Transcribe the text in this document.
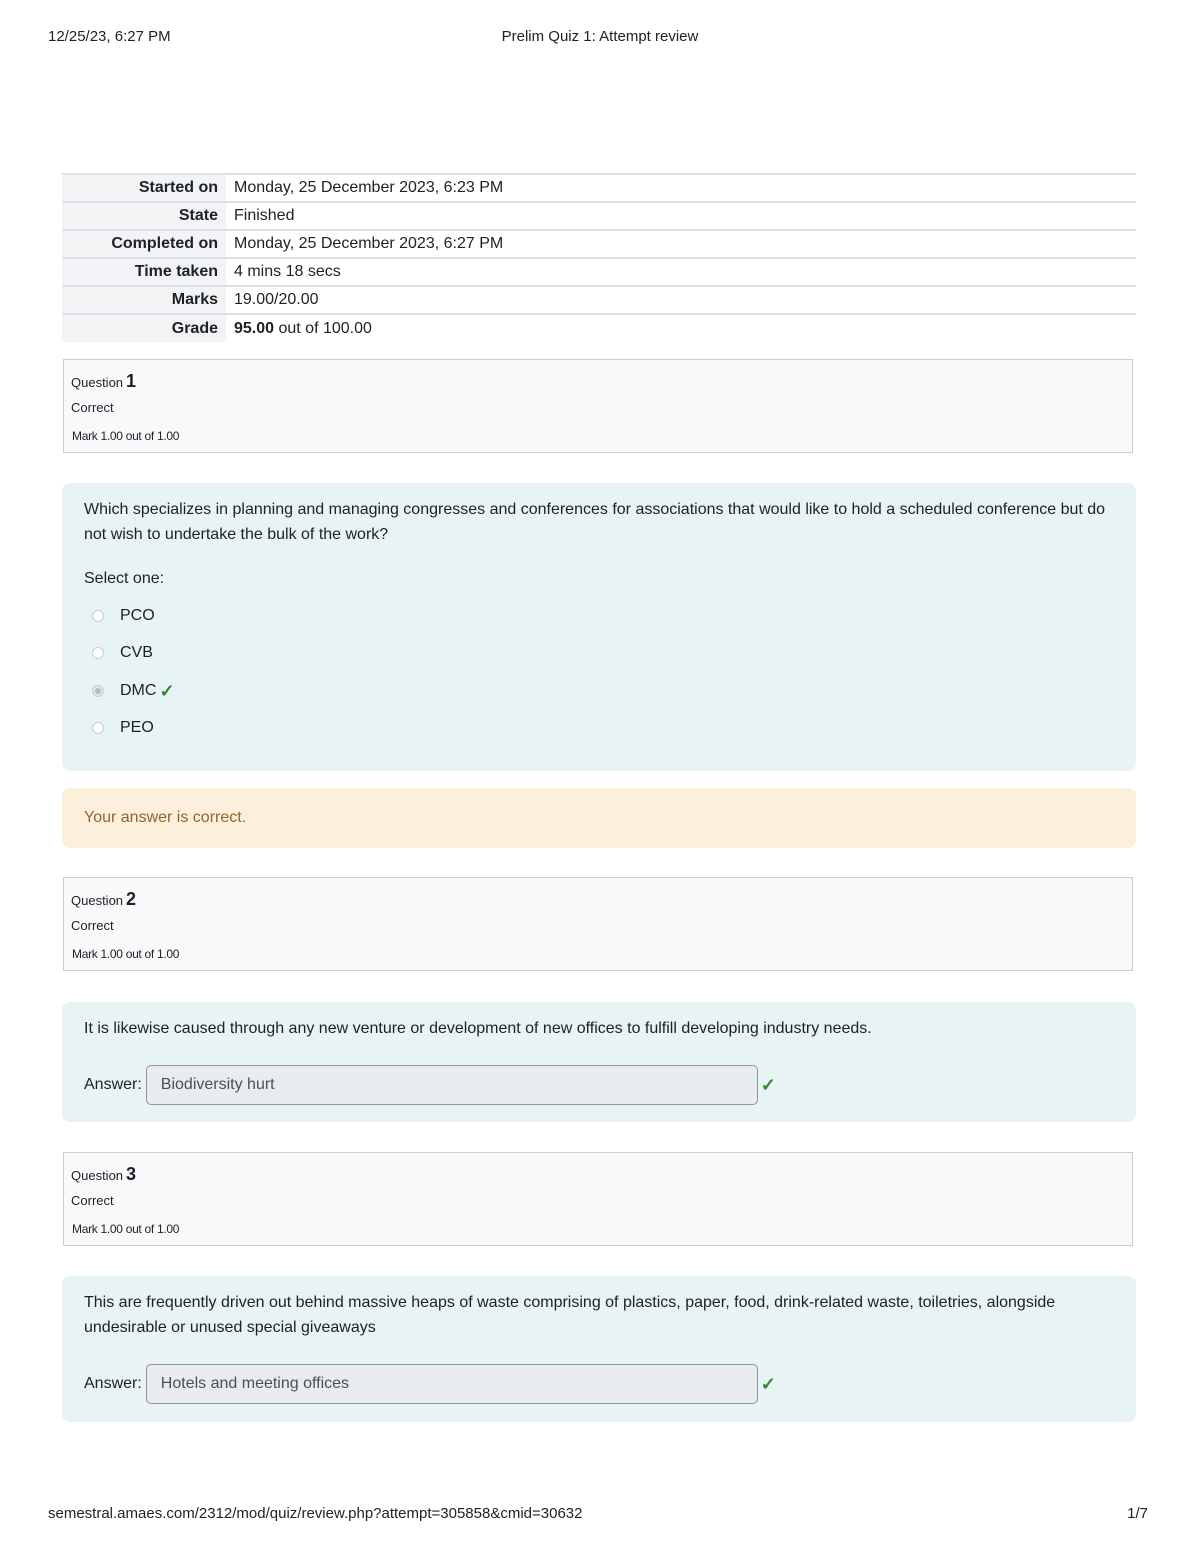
12/25/23, 6:27 PM	Prelim Quiz 1: Attempt review
Started on	Monday, 25 December 2023, 6:23 PM
State	Finished
Completed on	Monday, 25 December 2023, 6:27 PM
Time taken	4 mins 18 secs
Marks	19.00/20.00
Grade	95.00 out of 100.00
Question 1
Correct
Mark 1.00 out of 1.00
Which specializes in planning and managing congresses and conferences for associations that would like to hold a scheduled conference but do not wish to undertake the bulk of the work?
Select one:
PCO
CVB
DMC ✓
PEO
Your answer is correct.
Question 2
Correct
Mark 1.00 out of 1.00
It is likewise caused through any new venture or development of new offices to fulfill developing industry needs.
Answer:	Biodiversity hurt	✓
Question 3
Correct
Mark 1.00 out of 1.00
This are frequently driven out behind massive heaps of waste comprising of plastics, paper, food, drink-related waste, toiletries, alongside undesirable or unused special giveaways
Answer:	Hotels and meeting offices	✓
semestral.amaes.com/2312/mod/quiz/review.php?attempt=305858&cmid=30632	1/7
